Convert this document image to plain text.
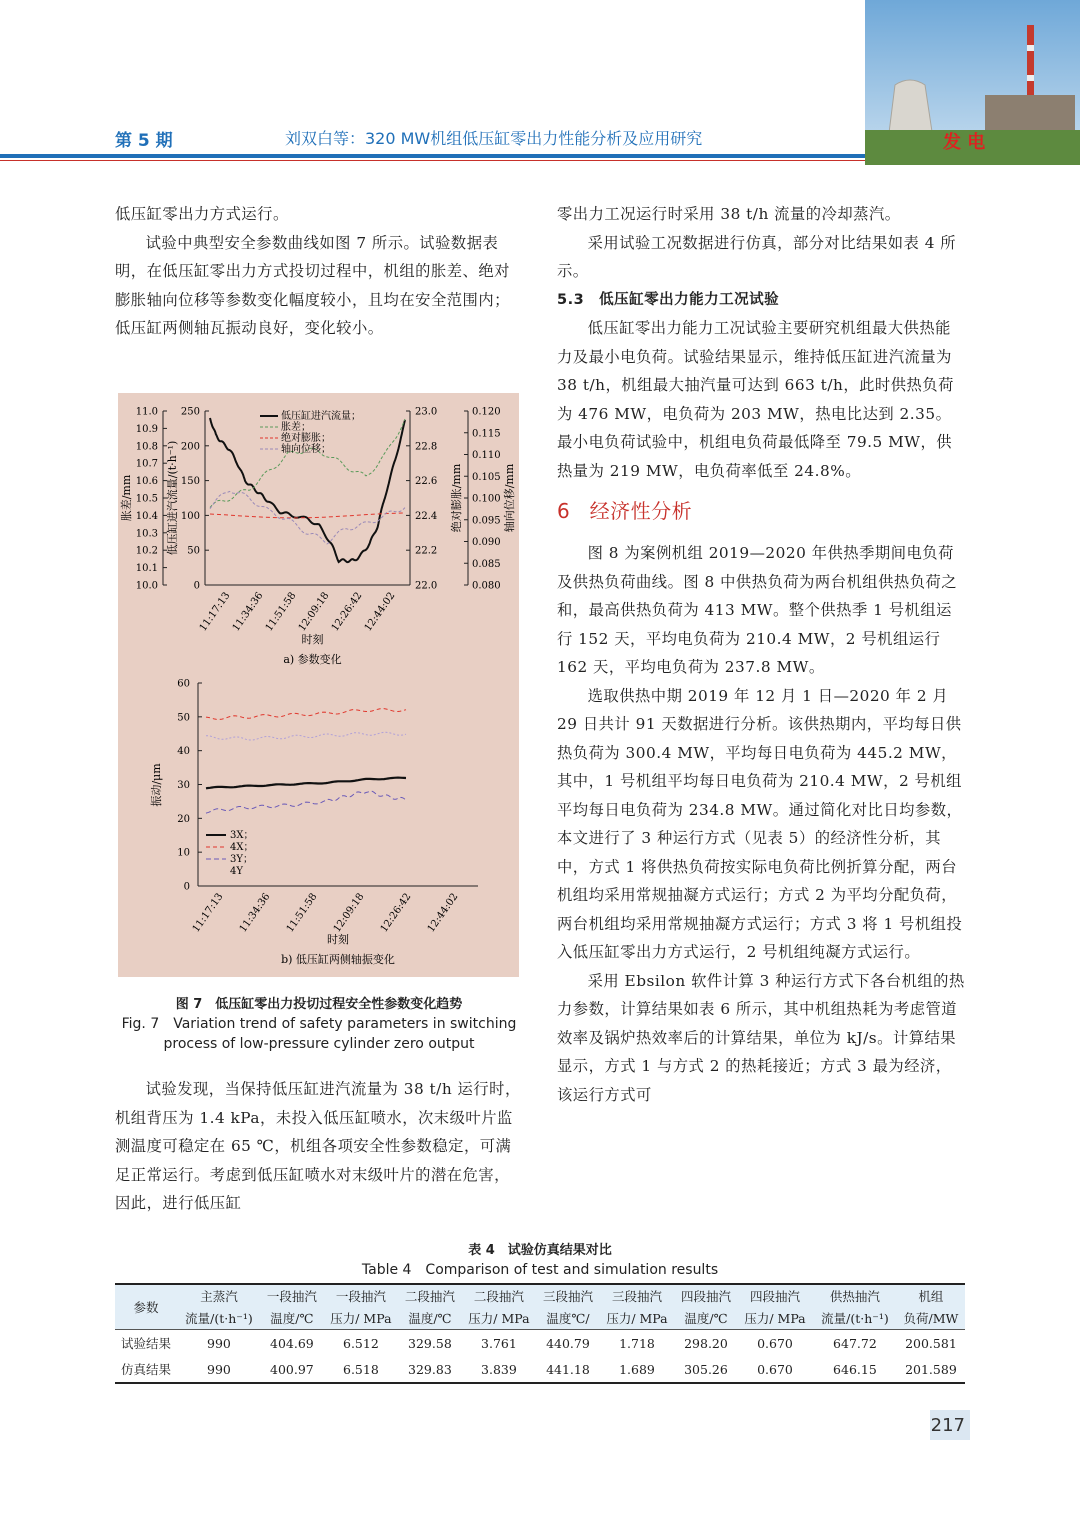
第 5 期	刘双白等：320 MW机组低压缸零出力性能分析及应用研究	发 电

低压缸零出力方式运行。

试验中典型安全参数曲线如图 7 所示。试验数据表明，在低压缸零出力方式投切过程中，机组的胀差、绝对膨胀轴向位移等参数变化幅度较小，且均在安全范围内；低压缸两侧轴瓦振动良好，变化较小。

11.0
10.9
10.8
10.7
10.6
10.5
10.4
10.3
10.2
10.1
10.0
250
200
150
100
50
0
23.0
22.8
22.6
22.4
22.2
22.0
0.120
0.115
0.110
0.105
0.100
0.095
0.090
0.085
0.080
胀差/mm	低压缸进汽流量/(t·h⁻¹)	绝对膨胀/mm	轴向位移/mm
11:17:13
11:34:36
11:51:58
12:09:18
12:26:42
12:44:02
时刻
a) 参数变化
低压缸进汽流量；
胀差；
绝对膨胀；
轴向位移；
60
50
40
30
20
10
0
振动/μm
11:17:13 11:34:36 11:51:58 12:09:18 12:26:42 12:44:02
时刻
b) 低压缸两侧轴振变化
3X；
4X；
3Y；
4Y
图 7　低压缸零出力投切过程安全性参数变化趋势
Fig. 7　Variation trend of safety parameters in switching
process of low-pressure cylinder zero output

试验发现，当保持低压缸进汽流量为 38 t/h 运行时，机组背压为 1.4 kPa，未投入低压缸喷水，次末级叶片监测温度可稳定在 65 ℃，机组各项安全性参数稳定，可满足正常运行。考虑到低压缸喷水对末级叶片的潜在危害，因此，进行低压缸

零出力工况运行时采用 38 t/h 流量的冷却蒸汽。

采用试验工况数据进行仿真，部分对比结果如表 4 所示。

5.3　低压缸零出力能力工况试验

低压缸零出力能力工况试验主要研究机组最大供热能力及最小电负荷。试验结果显示，维持低压缸进汽流量为 38 t/h，机组最大抽汽量可达到 663 t/h，此时供热负荷为 476 MW，电负荷为 203 MW，热电比达到 2.35。最小电负荷试验中，机组电负荷最低降至 79.5 MW，供热量为 219 MW，电负荷率低至 24.8%。

6 经济性分析

图 8 为案例机组 2019—2020 年供热季期间电负荷及供热负荷曲线。图 8 中供热负荷为两台机组供热负荷之和，最高供热负荷为 413 MW。整个供热季 1 号机组运行 152 天，平均电负荷为 210.4 MW，2 号机组运行 162 天，平均电负荷为 237.8 MW。

选取供热中期 2019 年 12 月 1 日—2020 年 2 月 29 日共计 91 天数据进行分析。该供热期内，平均每日供热负荷为 300.4 MW，平均每日电负荷为 445.2 MW，其中，1 号机组平均每日电负荷为 210.4 MW，2 号机组平均每日电负荷为 234.8 MW。通过简化对比日均参数，本文进行了 3 种运行方式（见表 5）的经济性分析，其中，方式 1 将供热负荷按实际电负荷比例折算分配，两台机组均采用常规抽凝方式运行；方式 2 为平均分配负荷，两台机组均采用常规抽凝方式运行；方式 3 将 1 号机组投入低压缸零出力方式运行，2 号机组纯凝方式运行。

采用 Ebsilon 软件计算 3 种运行方式下各台机组的热力参数，计算结果如表 6 所示，其中机组热耗为考虑管道效率及锅炉热效率后的计算结果，单位为 kJ/s。计算结果显示，方式 1 与方式 2 的热耗接近；方式 3 最为经济，该运行方式可

表 4　试验仿真结果对比
Table 4　Comparison of test and simulation results
参数	主蒸汽	一段抽汽	一段抽汽	二段抽汽	二段抽汽	三段抽汽	三段抽汽	四段抽汽	四段抽汽	供热抽汽	机组
	流量/(t·h⁻¹)	温度/℃	压力/ MPa	温度/℃	压力/ MPa	温度℃/	压力/ MPa	温度/℃	压力/ MPa	流量/(t·h⁻¹)	负荷/MW
试验结果	990	404.69	6.512	329.58	3.761	440.79	1.718	298.20	0.670	647.72	200.581
仿真结果	990	400.97	6.518	329.83	3.839	441.18	1.689	305.26	0.670	646.15	201.589
217
